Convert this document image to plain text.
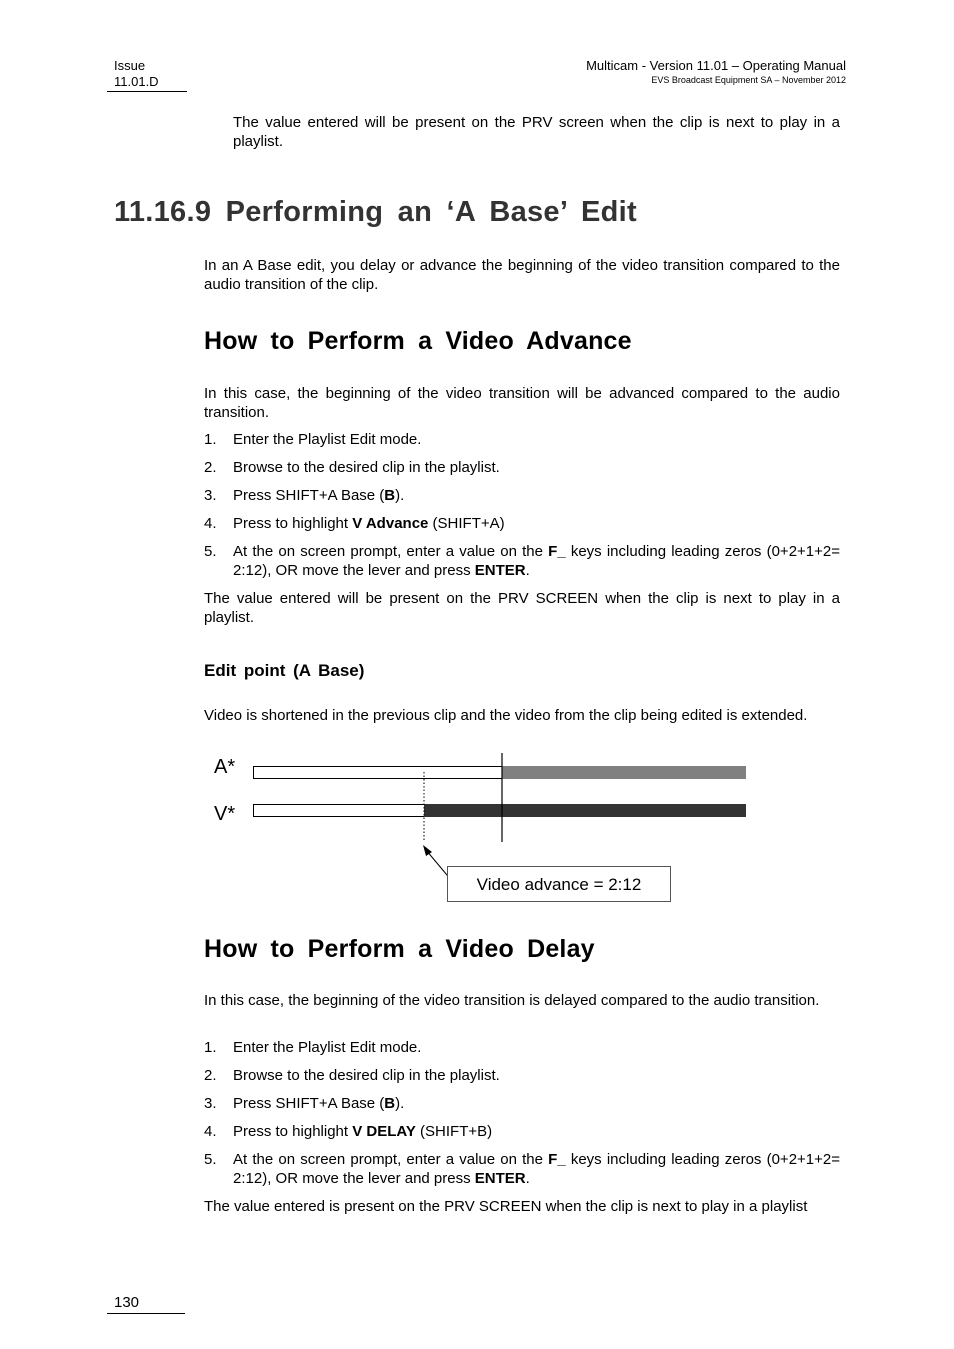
Issue
11.01.D
Multicam - Version 11.01 – Operating Manual
EVS Broadcast Equipment SA – November 2012
The value entered will be present on the PRV screen when the clip is next to play in a playlist.
11.16.9 Performing an ‘A Base’ Edit
In an A Base edit, you delay or advance the beginning of the video transition compared to the audio transition of the clip.
How to Perform a Video Advance
In this case, the beginning of the video transition will be advanced compared to the audio transition.
1. Enter the Playlist Edit mode.
2. Browse to the desired clip in the playlist.
3. Press SHIFT+A Base (B).
4. Press to highlight V Advance (SHIFT+A)
5. At the on screen prompt, enter a value on the F_ keys including leading zeros (0+2+1+2= 2:12), OR move the lever and press ENTER.
The value entered will be present on the PRV SCREEN when the clip is next to play in a playlist.
Edit point (A Base)
Video is shortened in the previous clip and the video from the clip being edited is extended.
A*
V*
Video advance = 2:12
How to Perform a Video Delay
In this case, the beginning of the video transition is delayed compared to the audio transition.
1. Enter the Playlist Edit mode.
2. Browse to the desired clip in the playlist.
3. Press SHIFT+A Base (B).
4. Press to highlight V DELAY (SHIFT+B)
5. At the on screen prompt, enter a value on the F_ keys including leading zeros (0+2+1+2= 2:12), OR move the lever and press ENTER.
The value entered is present on the PRV SCREEN when the clip is next to play in a playlist
130
